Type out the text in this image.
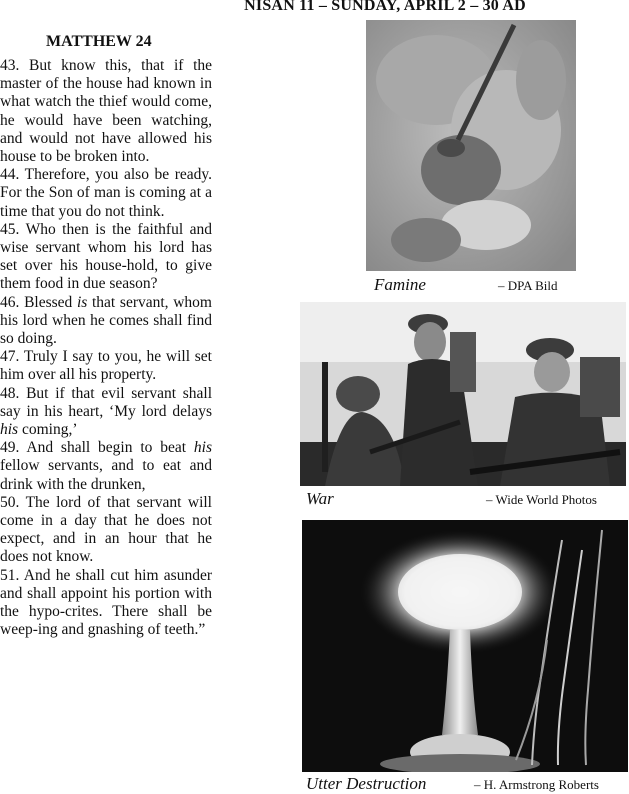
NISAN 11 – SUNDAY, APRIL 2 – 30 AD
MATTHEW 24

43. But know this, that if the master of the house had known in what watch the thief would come, he would have been watching, and would not have allowed his house to be broken into.

44. Therefore, you also be ready. For the Son of man is coming at a time that you do not think.

45. Who then is the faithful and wise servant whom his lord has set over his house-hold, to give them food in due season?

46. Blessed is that servant, whom his lord when he comes shall find so doing.

47. Truly I say to you, he will set him over all his property.

48. But if that evil servant shall say in his heart, ‘My lord delays his coming,’

49. And shall begin to beat his fellow servants, and to eat and drink with the drunken,

50. The lord of that servant will come in a day that he does not expect, and in an hour that he does not know.

51. And he shall cut him asunder and shall appoint his portion with the hypo-crites. There shall be weep-ing and gnashing of teeth.”

Famine	– DPA Bild
War	– Wide World Photos
Utter Destruction	– H. Armstrong Roberts
